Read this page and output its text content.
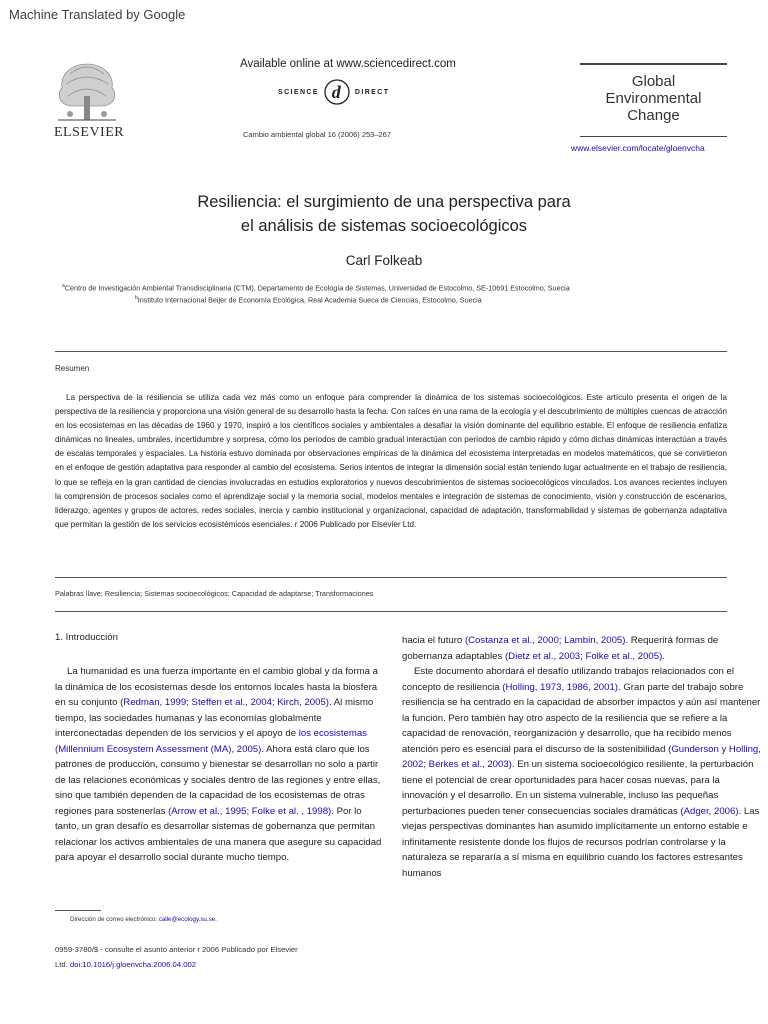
Machine Translated by Google
ELSEVIER
Available online at www.sciencedirect.com
SCIENCE d DIRECT
Cambio ambiental global 16 (2006) 253–267
Global
Environmental
Change
www.elsevier.com/locate/gloenvcha
Resiliencia: el surgimiento de una perspectiva para
el análisis de sistemas socioecológicos
Carl Folkeab
$^a$Centro de Investigación Ambiental Transdisciplinaria (CTM), Departamento de Ecología de Sistemas, Universidad de Estocolmo, SE-10691 Estocolmo, Suecia
$^b$Instituto Internacional Beijer de Economía Ecológica, Real Academia Sueca de Ciencias, Estocolmo, Suecia
Resumen
La perspectiva de la resiliencia se utiliza cada vez más como un enfoque para comprender la dinámica de los sistemas socioecológicos. Este artículo presenta el origen de la perspectiva de la resiliencia y proporciona una visión general de su desarrollo hasta la fecha. Con raíces en una rama de la ecología y el descubrimiento de múltiples cuencas de atracción en los ecosistemas en las décadas de 1960 y 1970, inspiró a los científicos sociales y ambientales a desafiar la visión dominante del equilibrio estable. El enfoque de resiliencia enfatiza dinámicas no lineales, umbrales, incertidumbre y sorpresa, cómo los períodos de cambio gradual interactúan con períodos de cambio rápido y cómo dichas dinámicas interactúan a través de escalas temporales y espaciales. La historia estuvo dominada por observaciones empíricas de la dinámica del ecosistema interpretadas en modelos matemáticos, que se convirtieron en el enfoque de gestión adaptativa para responder al cambio del ecosistema. Serios intentos de integrar la dimensión social están teniendo lugar actualmente en el trabajo de resiliencia, lo que se refleja en la gran cantidad de ciencias involucradas en estudios exploratorios y nuevos descubrimientos de sistemas socioecológicos vinculados. Los avances recientes incluyen la comprensión de procesos sociales como el aprendizaje social y la memoria social, modelos mentales e integración de sistemas de conocimiento, visión y construcción de escenarios, liderazgo, agentes y grupos de actores, redes sociales, inercia y cambio institucional y organizacional, capacidad de adaptación, transformabilidad y sistemas de gobernanza adaptativa que permitan la gestión de los servicios ecosistémicos esenciales. r 2006 Publicado por Elsevier Ltd.
Palabras llave: Resiliencia; Sistemas socioecológicos; Capacidad de adaptarse; Transformaciones
1. Introducción

La humanidad es una fuerza importante en el cambio global y da forma a la dinámica de los ecosistemas desde los entornos locales hasta la biosfera en su conjunto (Redman, 1999; Steffen et al., 2004; Kirch, 2005). Al mismo tiempo, las sociedades humanas y las economías globalmente interconectadas dependen de los servicios y el apoyo de los ecosistemas (Millennium Ecosystem Assessment (MA), 2005). Ahora está claro que los patrones de producción, consumo y bienestar se desarrollan no solo a partir de las relaciones económicas y sociales dentro de las regiones y entre ellas, sino que también dependen de la capacidad de los ecosistemas de otras regiones para sostenerlas (Arrow et al., 1995; Folke et al. , 1998). Por lo tanto, un gran desafío es desarrollar sistemas de gobernanza que permitan relacionar los activos ambientales de una manera que asegure su capacidad para apoyar el desarrollo social durante mucho tiempo.

hacia el futuro (Costanza et al., 2000; Lambin, 2005). Requerirá formas de gobernanza adaptables (Dietz et al., 2003; Folke et al., 2005).

Este documento abordará el desafío utilizando trabajos relacionados con el concepto de resiliencia (Holling, 1973, 1986, 2001). Gran parte del trabajo sobre resiliencia se ha centrado en la capacidad de absorber impactos y aún así mantener la función. Pero también hay otro aspecto de la resiliencia que se refiere a la capacidad de renovación, reorganización y desarrollo, que ha recibido menos atención pero es esencial para el discurso de la sostenibilidad (Gunderson y Holling, 2002; Berkes et al., 2003). En un sistema socioecológico resiliente, la perturbación tiene el potencial de crear oportunidades para hacer cosas nuevas, para la innovación y el desarrollo. En un sistema vulnerable, incluso las pequeñas perturbaciones pueden tener consecuencias sociales dramáticas (Adger, 2006). Las viejas perspectivas dominantes han asumido implícitamente un entorno estable e infinitamente resistente donde los flujos de recursos podrían controlarse y la naturaleza se repararía a sí misma en equilibrio cuando los factores estresantes humanos

Dirección de correo electrónico: calle@ecology.su.se.
0959-3780/$ - consulte el asunto anterior r 2006 Publicado por Elsevier
Ltd. doi:10.1016/j.gloenvcha.2006.04.002
